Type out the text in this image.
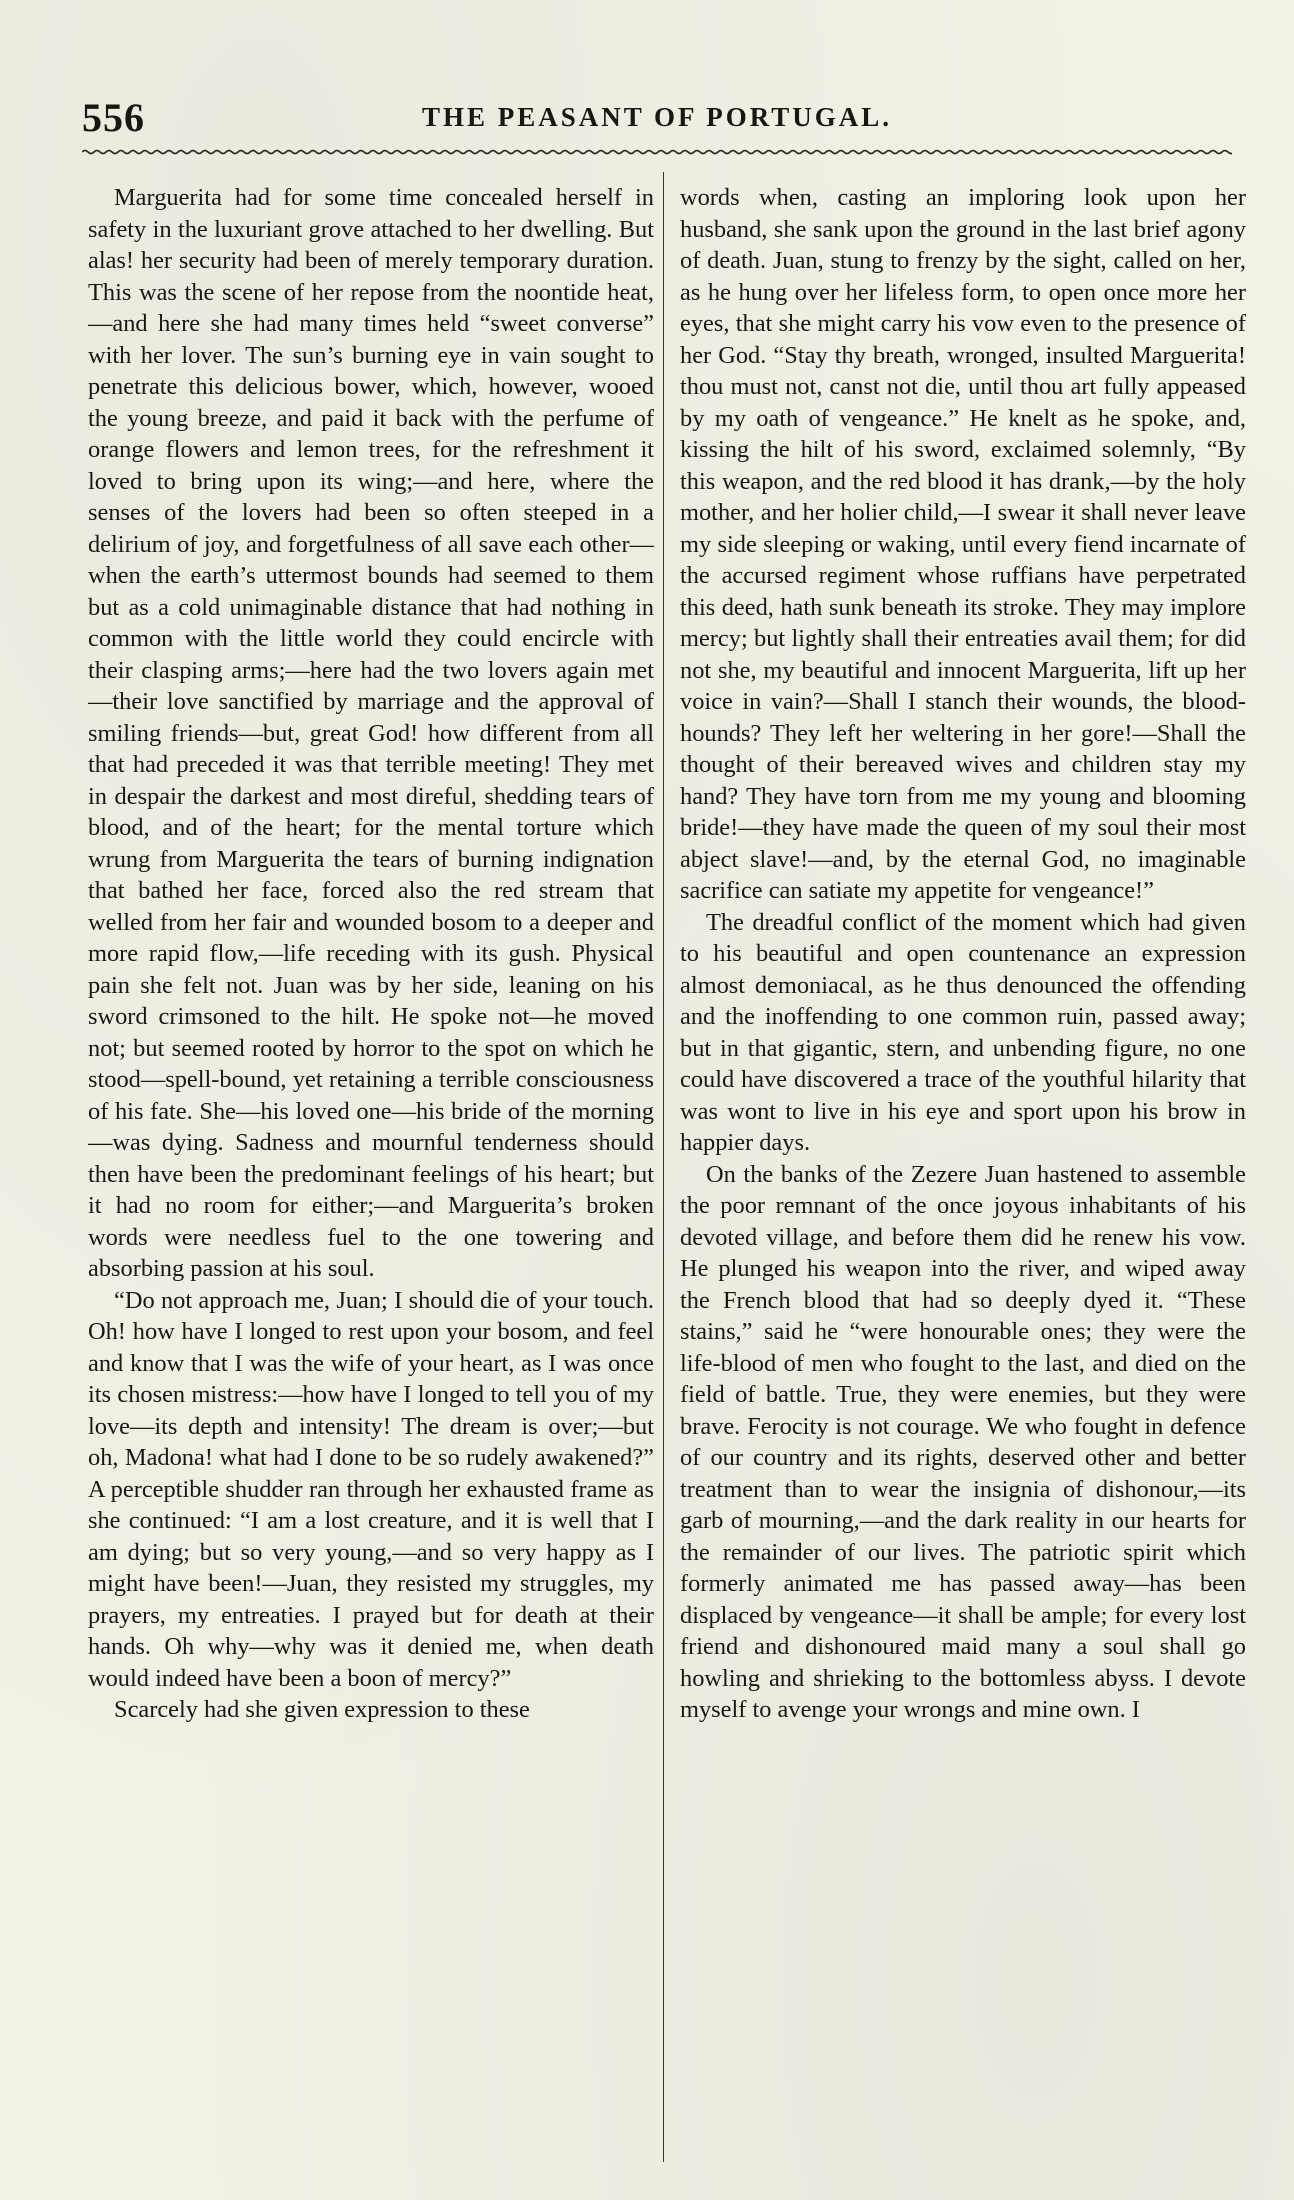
556	THE PEASANT OF PORTUGAL.

Marguerita had for some time concealed herself in safety in the luxuriant grove attached to her dwelling. But alas! her security had been of merely temporary duration. This was the scene of her repose from the noontide heat,—and here she had many times held “sweet converse” with her lover. The sun’s burning eye in vain sought to penetrate this delicious bower, which, however, wooed the young breeze, and paid it back with the perfume of orange flowers and lemon trees, for the refreshment it loved to bring upon its wing;—and here, where the senses of the lovers had been so often steeped in a delirium of joy, and forgetfulness of all save each other—when the earth’s uttermost bounds had seemed to them but as a cold unimaginable distance that had nothing in common with the little world they could encircle with their clasping arms;—here had the two lovers again met—their love sanctified by marriage and the approval of smiling friends—but, great God! how different from all that had preceded it was that terrible meeting! They met in despair the darkest and most direful, shedding tears of blood, and of the heart; for the mental torture which wrung from Marguerita the tears of burning indignation that bathed her face, forced also the red stream that welled from her fair and wounded bosom to a deeper and more rapid flow,—life receding with its gush. Physical pain she felt not. Juan was by her side, leaning on his sword crimsoned to the hilt. He spoke not—he moved not; but seemed rooted by horror to the spot on which he stood—spell-bound, yet retaining a terrible consciousness of his fate. She—his loved one—his bride of the morning—was dying. Sadness and mournful tenderness should then have been the predominant feelings of his heart; but it had no room for either;—and Marguerita’s broken words were needless fuel to the one towering and absorbing passion at his soul.

“Do not approach me, Juan; I should die of your touch. Oh! how have I longed to rest upon your bosom, and feel and know that I was the wife of your heart, as I was once its chosen mistress:—how have I longed to tell you of my love—its depth and intensity! The dream is over;—but oh, Madona! what had I done to be so rudely awakened?” A perceptible shudder ran through her exhausted frame as she continued: “I am a lost creature, and it is well that I am dying; but so very young,—and so very happy as I might have been!—Juan, they resisted my struggles, my prayers, my entreaties. I prayed but for death at their hands. Oh why—why was it denied me, when death would indeed have been a boon of mercy?”

Scarcely had she given expression to these

words when, casting an imploring look upon her husband, she sank upon the ground in the last brief agony of death. Juan, stung to frenzy by the sight, called on her, as he hung over her lifeless form, to open once more her eyes, that she might carry his vow even to the presence of her God. “Stay thy breath, wronged, insulted Marguerita! thou must not, canst not die, until thou art fully appeased by my oath of vengeance.” He knelt as he spoke, and, kissing the hilt of his sword, exclaimed solemnly, “By this weapon, and the red blood it has drank,—by the holy mother, and her holier child,—I swear it shall never leave my side sleeping or waking, until every fiend incarnate of the accursed regiment whose ruffians have perpetrated this deed, hath sunk beneath its stroke. They may implore mercy; but lightly shall their entreaties avail them; for did not she, my beautiful and innocent Marguerita, lift up her voice in vain?—Shall I stanch their wounds, the blood-hounds? They left her weltering in her gore!—Shall the thought of their bereaved wives and children stay my hand? They have torn from me my young and blooming bride!—they have made the queen of my soul their most abject slave!—and, by the eternal God, no imaginable sacrifice can satiate my appetite for vengeance!”

The dreadful conflict of the moment which had given to his beautiful and open countenance an expression almost demoniacal, as he thus denounced the offending and the inoffending to one common ruin, passed away; but in that gigantic, stern, and unbending figure, no one could have discovered a trace of the youthful hilarity that was wont to live in his eye and sport upon his brow in happier days.

On the banks of the Zezere Juan hastened to assemble the poor remnant of the once joyous inhabitants of his devoted village, and before them did he renew his vow. He plunged his weapon into the river, and wiped away the French blood that had so deeply dyed it. “These stains,” said he “were honourable ones; they were the life-blood of men who fought to the last, and died on the field of battle. True, they were enemies, but they were brave. Ferocity is not courage. We who fought in defence of our country and its rights, deserved other and better treatment than to wear the insignia of dishonour,—its garb of mourning,—and the dark reality in our hearts for the remainder of our lives. The patriotic spirit which formerly animated me has passed away—has been displaced by vengeance—it shall be ample; for every lost friend and dishonoured maid many a soul shall go howling and shrieking to the bottomless abyss. I devote myself to avenge your wrongs and mine own. I
